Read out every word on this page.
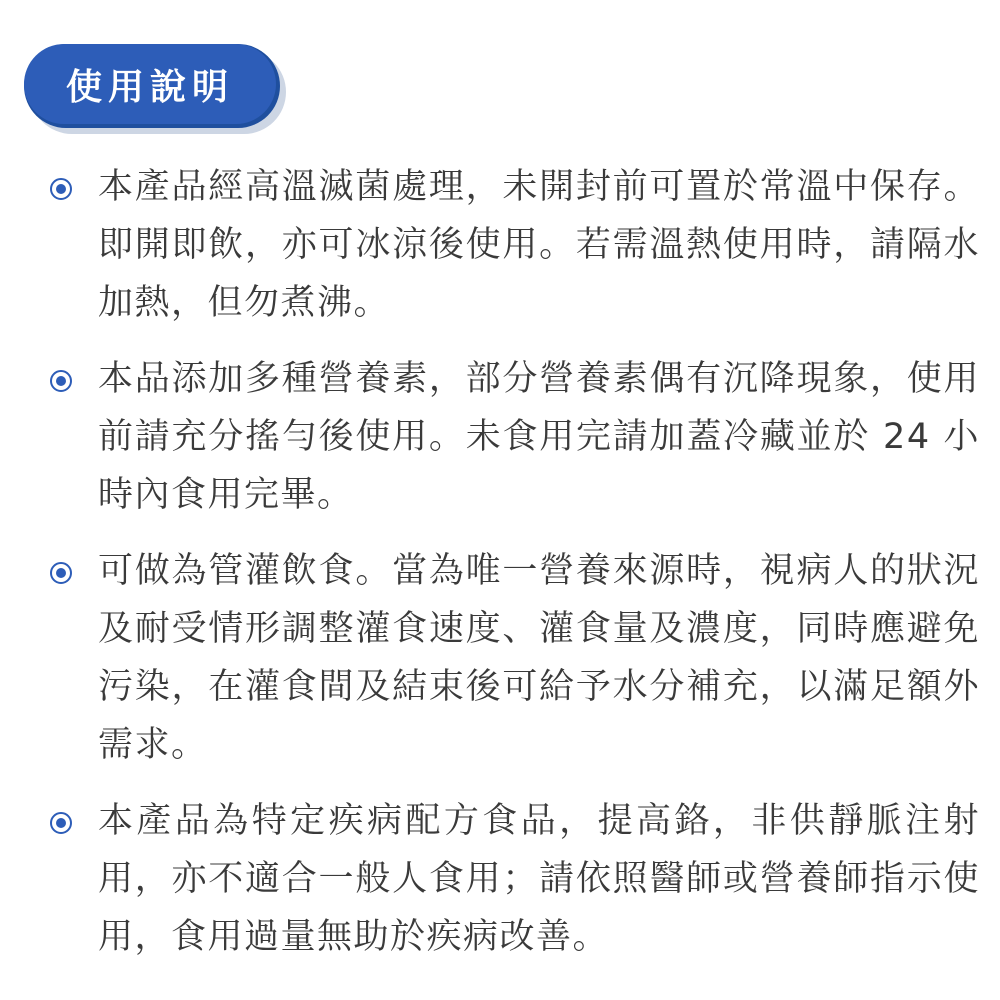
使用說明
本產品經高溫滅菌處理，未開封前可置於常溫中保存。即開即飲，亦可冰涼後使用。若需溫熱使用時，請隔水加熱，但勿煮沸。
本品添加多種營養素，部分營養素偶有沉降現象，使用前請充分搖勻後使用。未食用完請加蓋冷藏並於 24 小時內食用完畢。
可做為管灌飲食。當為唯一營養來源時，視病人的狀況及耐受情形調整灌食速度、灌食量及濃度，同時應避免污染，在灌食間及結束後可給予水分補充，以滿足額外需求。
本產品為特定疾病配方食品，提高鉻，非供靜脈注射用，亦不適合一般人食用；請依照醫師或營養師指示使用，食用過量無助於疾病改善。
